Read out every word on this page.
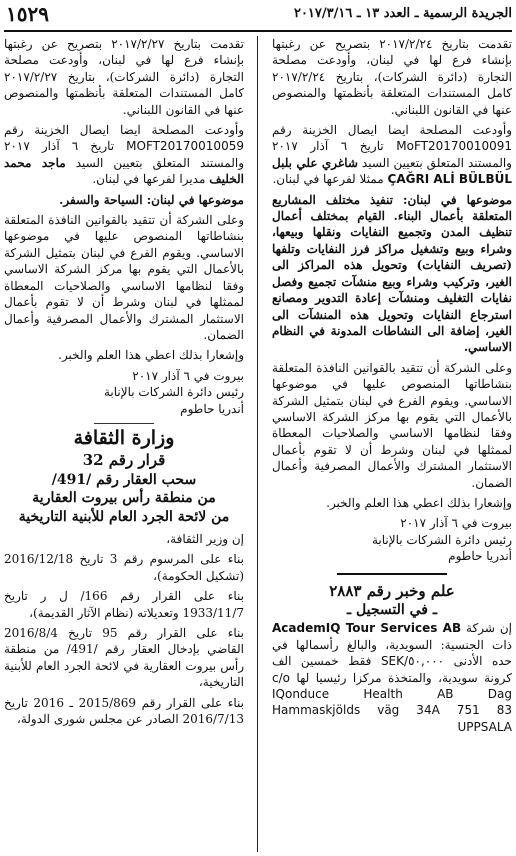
الجريدة الرسمية ـ العدد ١٣ ـ ٢٠١٧/٣/١٦
١٥٢٩

تقدمت بتاريخ ٢٠١٧/٢/٢٤ بتصريح عن رغبتها بإنشاء فرع لها في لبنان، وأودعت مصلحة التجارة (دائرة الشركات)، بتاريخ ٢٠١٧/٢/٢٤ كامل المستندات المتعلقة بأنظمتها والمنصوص عنها في القانون اللبناني.

وأودعت المصلحة ايضا ايصال الخزينة رقم MoFT20170010091 تاريخ ٦ آذار ٢٠١٧ والمستند المتعلق بتعيين السيد شاغري علي بلبل ÇAĞRI ALİ BÜLBÜL ممثلا لفرعها في لبنان.

موضوعها في لبنان: تنفيذ مختلف المشاريع المتعلقة بأعمال البناء. القيام بمختلف أعمال تنظيف المدن وتجميع النفايات ونقلها وبيعها، وشراء وبيع وتشغيل مراكز فرز النفايات وتلفها (تصريف النفايات) وتحويل هذه المراكز الى الغير، وتركيب وشراء وبيع منشآت تجميع وفصل نفايات التغليف ومنشآت إعادة التدوير ومصانع استرجاع النفايات وتحويل هذه المنشآت الى الغير، إضافة الى النشاطات المدونة في النظام الاساسي.

وعلى الشركة أن تتقيد بالقوانين النافذة المتعلقة بنشاطاتها المنصوص عليها في موضوعها الاساسي. ويقوم الفرع في لبنان بتمثيل الشركة بالأعمال التي يقوم بها مركز الشركة الاساسي وفقا لنظامها الاساسي والصلاحيات المعطاة لممثلها في لبنان وشرط أن لا تقوم بأعمال الاستثمار المشترك والأعمال المصرفية وأعمال الضمان.

وإشعارا بذلك اعطي هذا العلم والخبر.

بيروت في ٦ آذار ٢٠١٧

رئيس دائرة الشركات بالإنابة

أندريا حاطوم

علم وخبر رقم ٢٨٨٣
ـ في التسجيل ـ

إن شركة AcademIQ Tour Services AB ذات الجنسية: السويدية، والبالغ رأسمالها في حده الأدنى SEK/٥٠,٠٠٠ فقط خمسين الف كرونة سويدية، والمتخذة مركزا رئيسيا لها c/o IQonduce Health AB Dag Hammaskjölds väg 34A 751 83 UPPSALA

تقدمت بتاريخ ٢٠١٧/٢/٢٧ بتصريح عن رغبتها بإنشاء فرع لها في لبنان، وأودعت مصلحة التجارة (دائرة الشركات)، بتاريخ ٢٠١٧/٢/٢٧ كامل المستندات المتعلقة بأنظمتها والمنصوص عنها في القانون اللبناني.

وأودعت المصلحة ايضا ايصال الخزينة رقم MOFT20170010059 تاريخ ٦ آذار ٢٠١٧ والمستند المتعلق بتعيين السيد ماجد محمد الخليف مديرا لفرعها في لبنان.

موضوعها في لبنان: السياحة والسفر.

وعلى الشركة أن تتقيد بالقوانين النافذة المتعلقة بنشاطاتها المنصوص عليها في موضوعها الاساسي. ويقوم الفرع في لبنان بتمثيل الشركة بالأعمال التي يقوم بها مركز الشركة الاساسي وفقا لنظامها الاساسي والصلاحيات المعطاة لممثلها في لبنان وشرط أن لا تقوم بأعمال الاستثمار المشترك والأعمال المصرفية وأعمال الضمان.

وإشعارا بذلك اعطي هذا العلم والخبر.

بيروت في ٦ آذار ٢٠١٧

رئيس دائرة الشركات بالإنابة

أندريا حاطوم

وزارة الثقافة
قرار رقم 32
سحب العقار رقم /491/
من منطقة رأس بيروت العقارية
من لائحة الجرد العام للأبنية التاريخية

إن وزير الثقافة،

بناء على المرسوم رقم 3 تاريخ 2016/12/18 (تشكيل الحكومة)،

بناء على القرار رقم 166/ ل ر تاريخ 1933/11/7 وتعديلاته (نظام الآثار القديمة)،

بناء على القرار رقم 95 تاريخ 2016/8/4 القاضي بإدخال العقار رقم /491/ من منطقة رأس بيروت العقارية في لائحة الجرد العام للأبنية التاريخية،

بناء على القرار رقم 2015/869 ـ 2016 تاريخ 2016/7/13 الصادر عن مجلس شورى الدولة،
